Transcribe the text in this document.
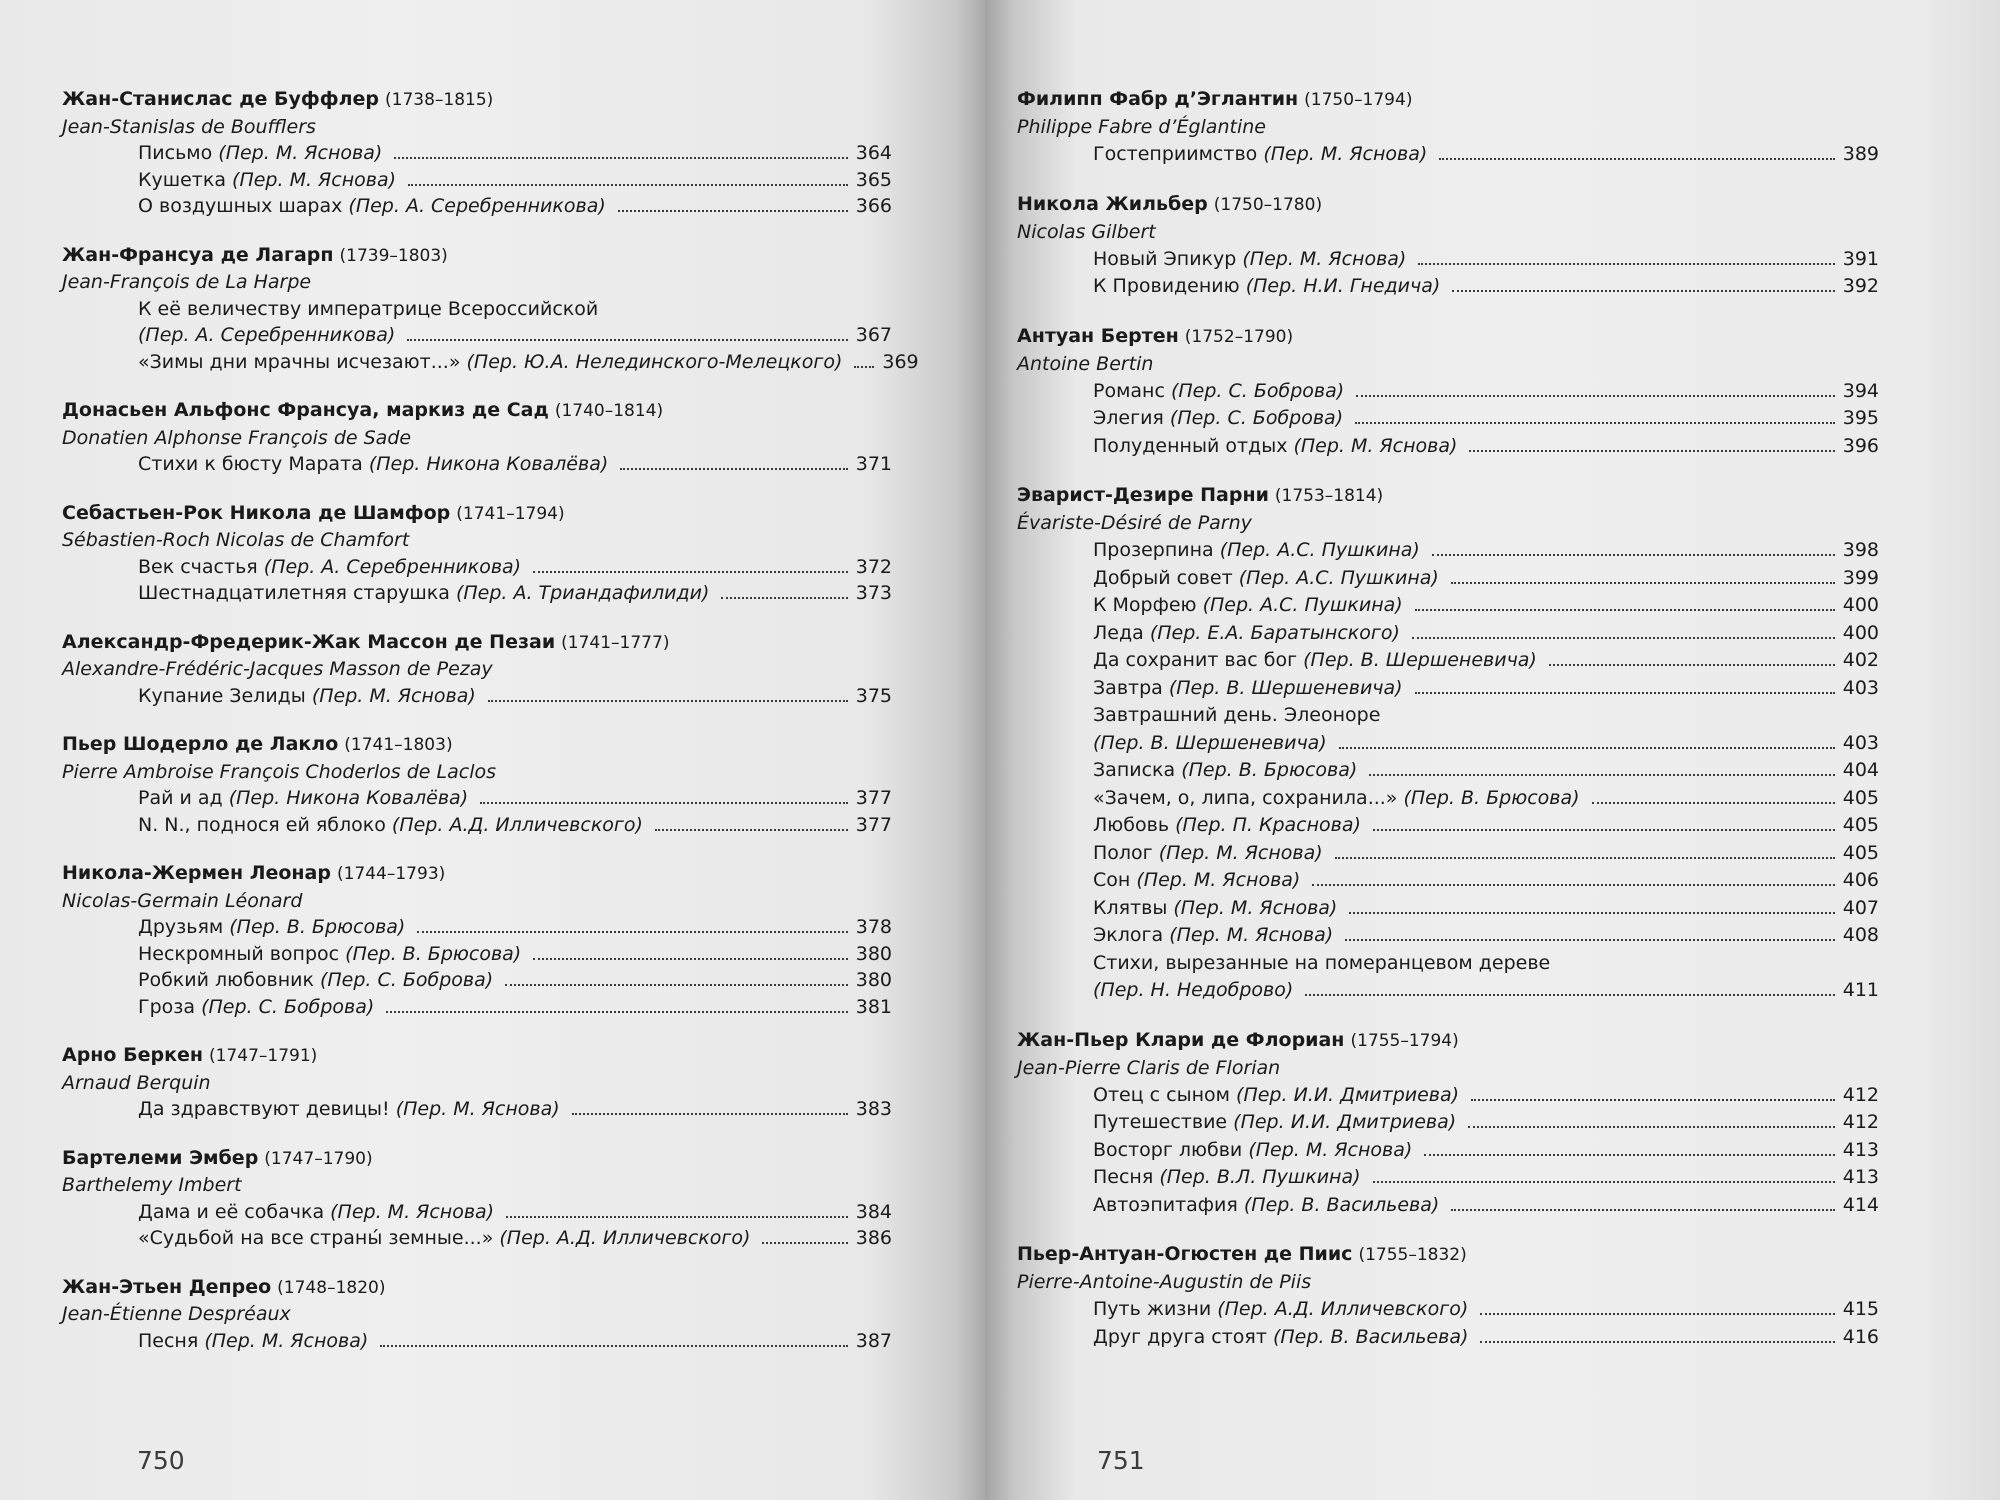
Жан-Станислас де Буффлер (1738–1815)
Jean-Stanislas de Boufflers
Письмо (Пер. М. Яснова)	364
Кушетка (Пер. М. Яснова)	365
О воздушных шарах (Пер. А. Серебренникова)	366
Жан-Франсуа де Лагарп (1739–1803)
Jean-François de La Harpe
К её величеству императрице Всероссийской
(Пер. А. Серебренникова)	367
«Зимы дни мрачны исчезают...» (Пер. Ю.А. Нелединского-Мелецкого) 369
Донасьен Альфонс Франсуа, маркиз де Сад (1740–1814)
Donatien Alphonse François de Sade
Стихи к бюсту Марата (Пер. Никона Ковалёва)	371
Себастьен-Рок Никола де Шамфор (1741–1794)
Sébastien-Roch Nicolas de Chamfort
Век счастья (Пер. А. Серебренникова)	372
Шестнадцатилетняя старушка (Пер. А. Триандафилиди)	373
Александр-Фредерик-Жак Массон де Пезаи (1741–1777)
Alexandre-Frédéric-Jacques Masson de Pezay
Купание Зелиды (Пер. М. Яснова)	375
Пьер Шодерло де Лакло (1741–1803)
Pierre Ambroise François Choderlos de Laclos
Рай и ад (Пер. Никона Ковалёва)	377
N. N., поднося ей яблоко (Пер. А.Д. Илличевского)	377
Никола-Жермен Леонар (1744–1793)
Nicolas-Germain Léonard
Друзьям (Пер. В. Брюсова)	378
Нескромный вопрос (Пер. В. Брюсова)	380
Робкий любовник (Пер. С. Боброва)	380
Гроза (Пер. С. Боброва)	381
Арно Беркен (1747–1791)
Arnaud Berquin
Да здравствуют девицы! (Пер. М. Яснова)	383
Бартелеми Эмбер (1747–1790)
Barthelemy Imbert
Дама и её собачка (Пер. М. Яснова)	384
«Судьбой на все страны́ земные...» (Пер. А.Д. Илличевского)	386
Жан-Этьен Депрео (1748–1820)
Jean-Étienne Despréaux
Песня (Пер. М. Яснова)	387
750
Филипп Фабр д’Эглантин (1750–1794)
Philippe Fabre d’Églantine
Гостеприимство (Пер. М. Яснова)	389
Никола Жильбер (1750–1780)
Nicolas Gilbert
Новый Эпикур (Пер. М. Яснова)	391
К Провидению (Пер. Н.И. Гнедича)	392
Антуан Бертен (1752–1790)
Antoine Bertin
Романс (Пер. С. Боброва)	394
Элегия (Пер. С. Боброва)	395
Полуденный отдых (Пер. М. Яснова)	396
Эварист-Дезире Парни (1753–1814)
Évariste-Désiré de Parny
Прозерпина (Пер. А.С. Пушкина)	398
Добрый совет (Пер. А.С. Пушкина)	399
К Морфею (Пер. А.С. Пушкина)	400
Леда (Пер. Е.А. Баратынского)	400
Да сохранит вас бог (Пер. В. Шершеневича)	402
Завтра (Пер. В. Шершеневича)	403
Завтрашний день. Элеоноре
(Пер. В. Шершеневича)	403
Записка (Пер. В. Брюсова)	404
«Зачем, о, липа, сохранила...» (Пер. В. Брюсова)	405
Любовь (Пер. П. Краснова)	405
Полог (Пер. М. Яснова)	405
Сон (Пер. М. Яснова)	406
Клятвы (Пер. М. Яснова)	407
Эклога (Пер. М. Яснова)	408
Стихи, вырезанные на померанцевом дереве
(Пер. Н. Недоброво)	411
Жан-Пьер Клари де Флориан (1755–1794)
Jean-Pierre Claris de Florian
Отец с сыном (Пер. И.И. Дмитриева)	412
Путешествие (Пер. И.И. Дмитриева)	412
Восторг любви (Пер. М. Яснова)	413
Песня (Пер. В.Л. Пушкина)	413
Автоэпитафия (Пер. В. Васильева)	414
Пьер-Антуан-Огюстен де Пиис (1755–1832)
Pierre-Antoine-Augustin de Piis
Путь жизни (Пер. А.Д. Илличевского)	415
Друг друга стоят (Пер. В. Васильева)	416
751
